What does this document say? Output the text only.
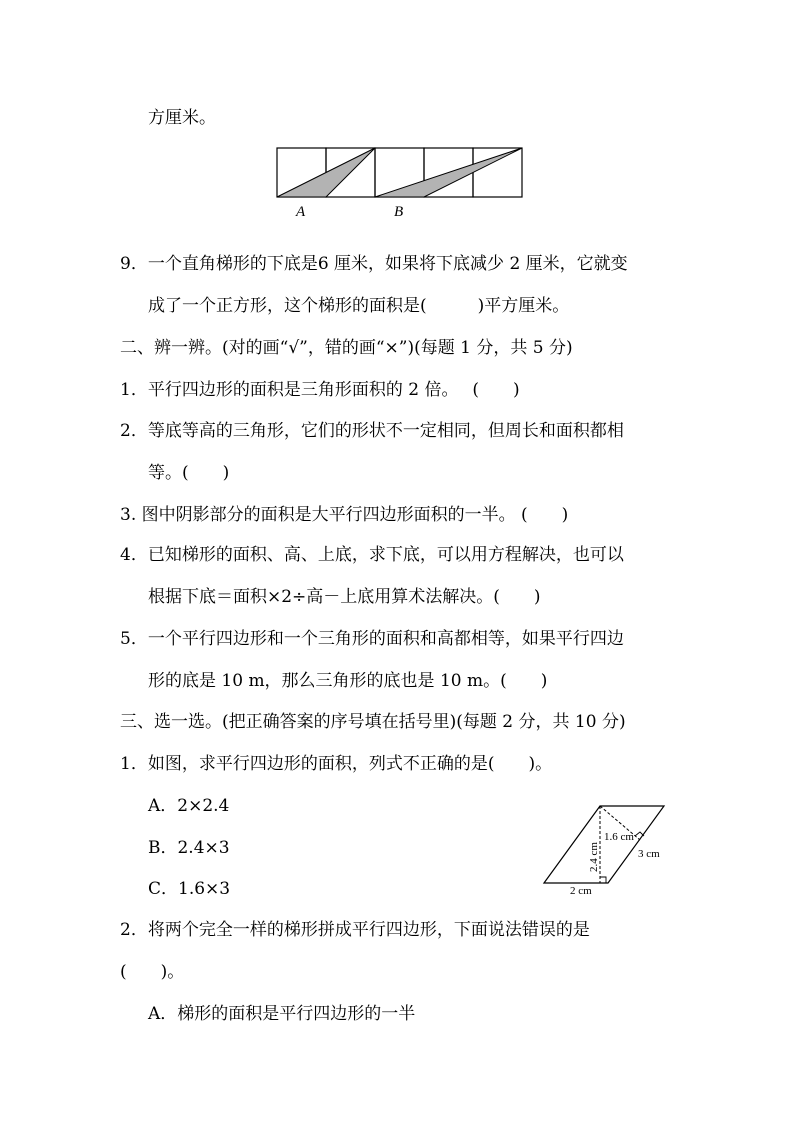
方厘米。
A	B
9．一个直角梯形的下底是6 厘米，如果将下底减少 2 厘米，它就变
成了一个正方形，这个梯形的面积是(　　　)平方厘米。
二、辨一辨。(对的画“√”，错的画“×”)(每题 1 分，共 5 分)
1．平行四边形的面积是三角形面积的 2 倍。　 (　　)
2．等底等高的三角形，它们的形状不一定相同，但周长和面积都相
等。(　　)
3. 图中阴影部分的面积是大平行四边形面积的一半。 (　　)
4．已知梯形的面积、高、上底，求下底，可以用方程解决，也可以
根据下底＝面积×2÷高－上底用算术法解决。(　　)
5．一个平行四边形和一个三角形的面积和高都相等，如果平行四边
形的底是 10 m，那么三角形的底也是 10 m。(　　)
三、选一选。(把正确答案的序号填在括号里)(每题 2 分，共 10 分)
1．如图，求平行四边形的面积，列式不正确的是(　　)。
A．2×2.4
B．2.4×3
C．1.6×3
2.4 cm
1.6 cm
3 cm
2 cm
2．将两个完全一样的梯形拼成平行四边形，下面说法错误的是
(　　)。
A．梯形的面积是平行四边形的一半
